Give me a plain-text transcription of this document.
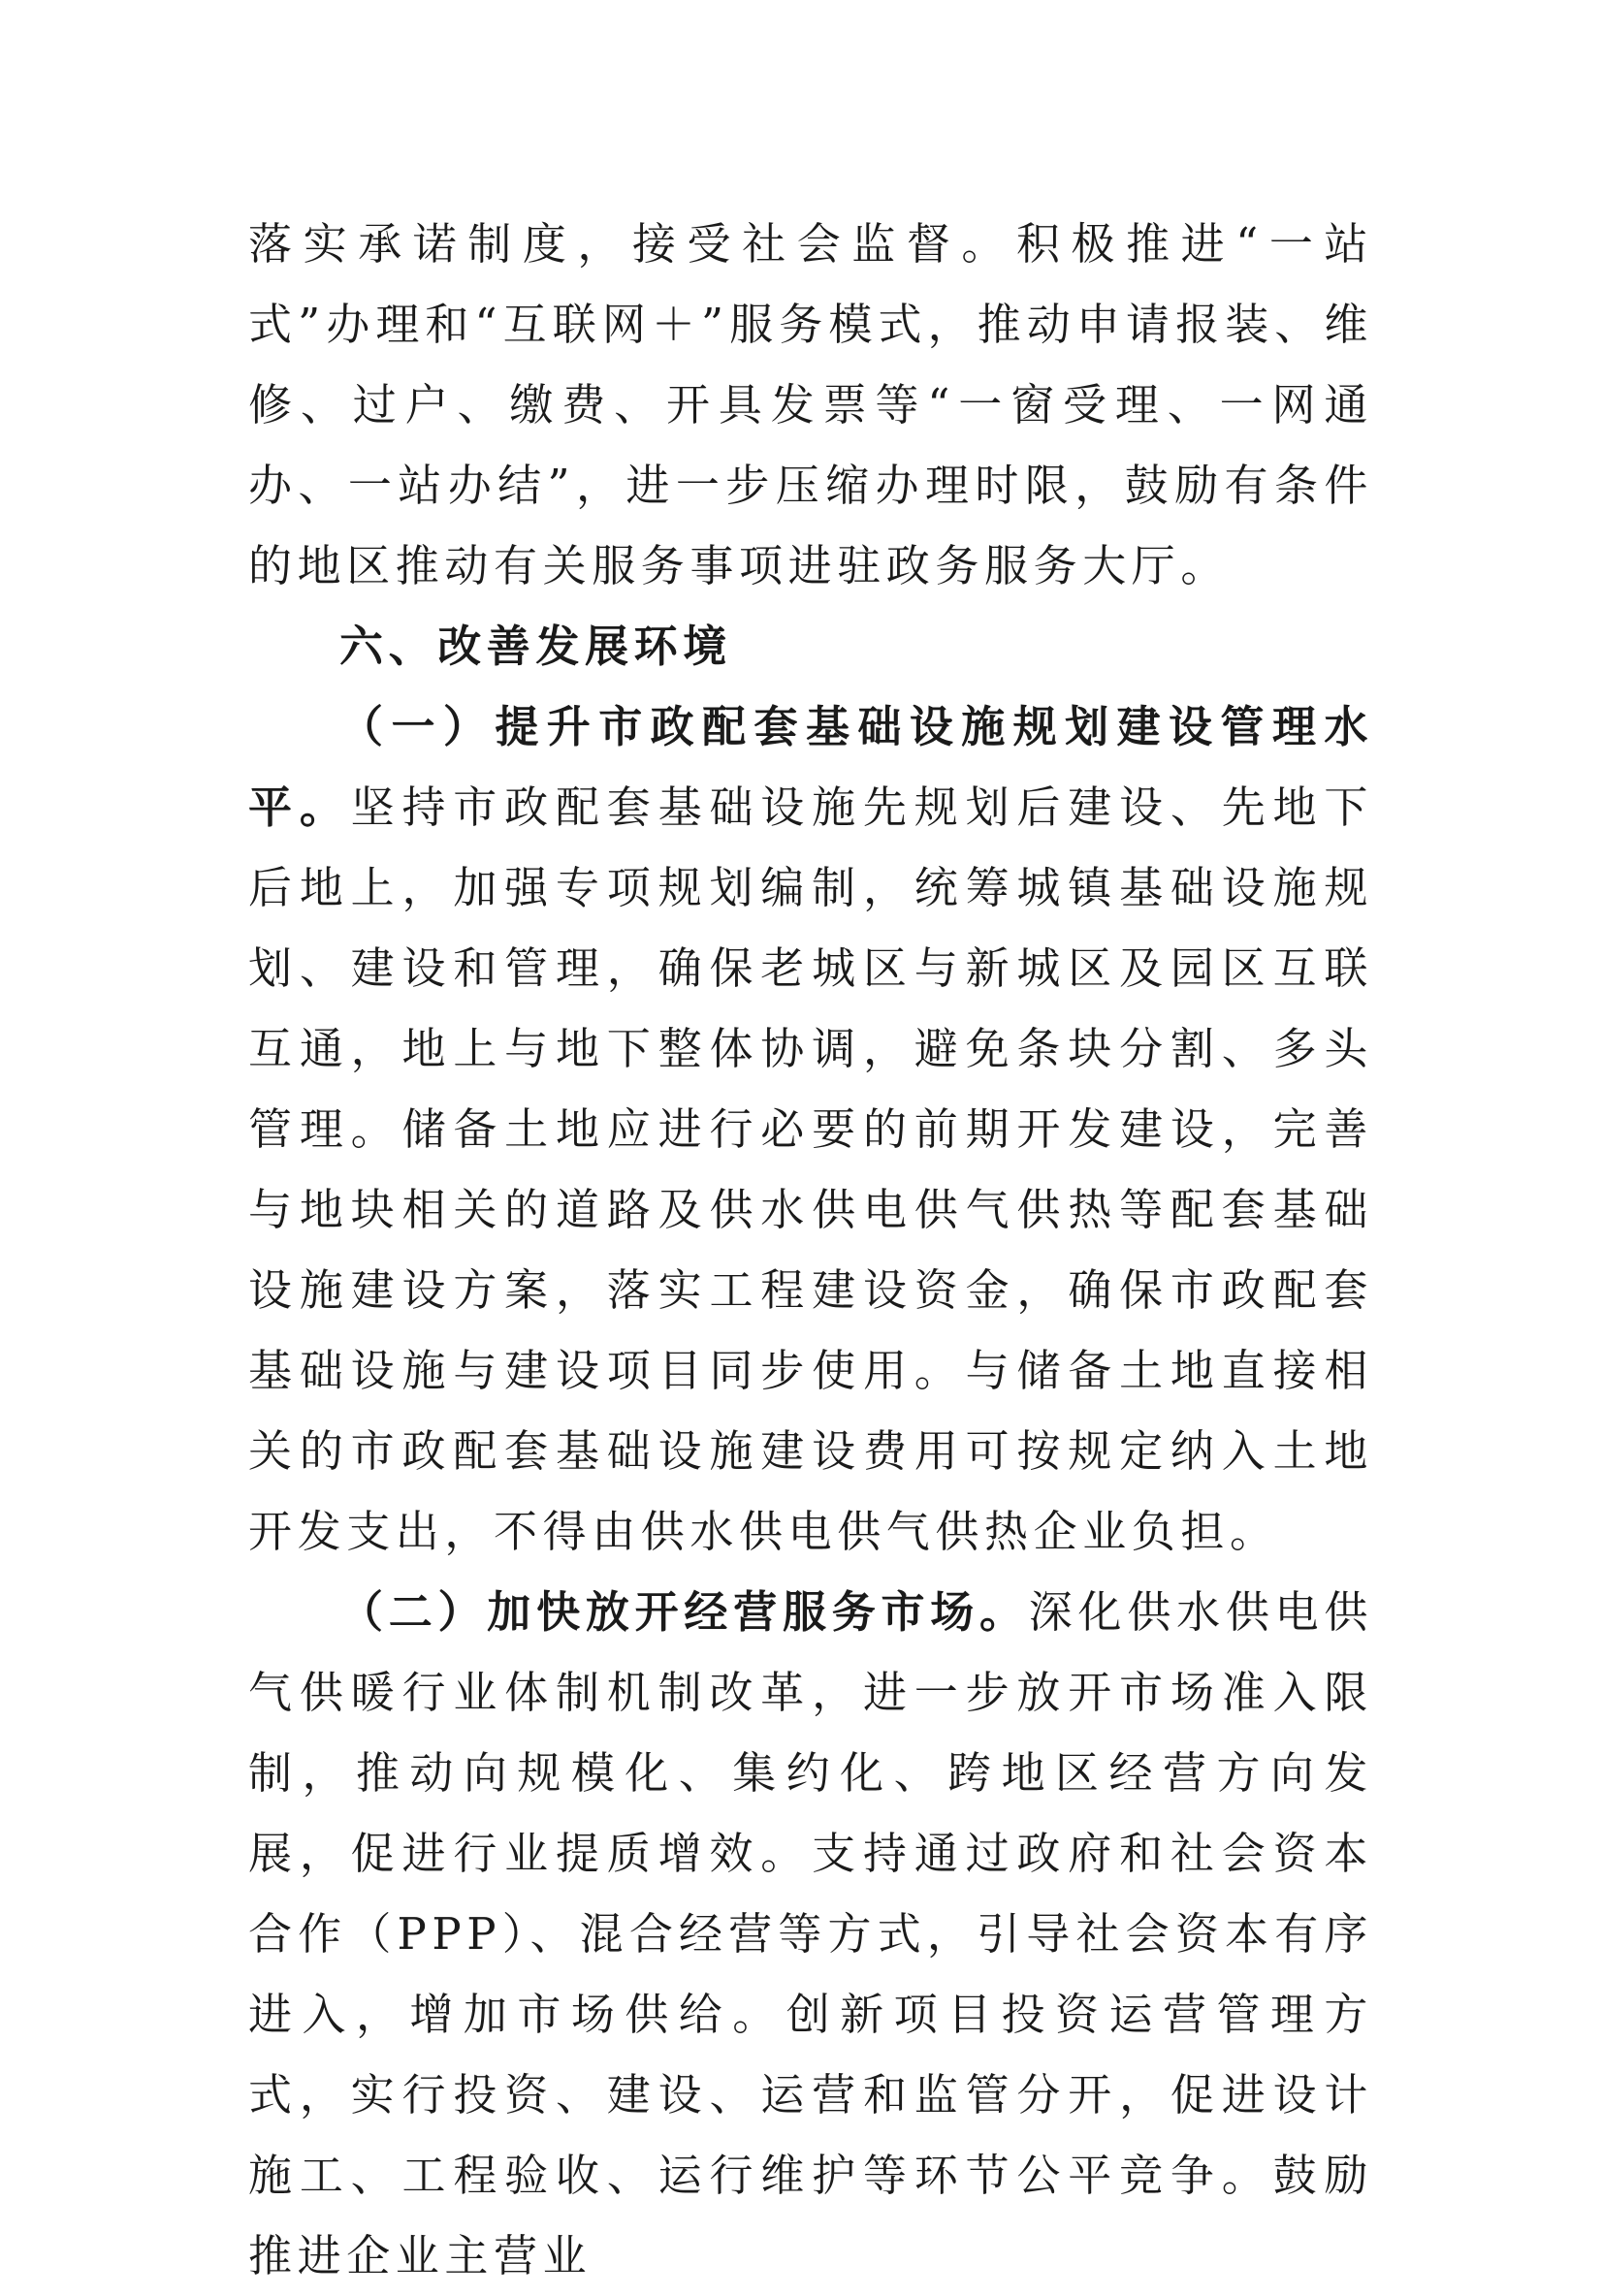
落实承诺制度，接受社会监督。积极推进“一站式”办理和“互联网＋”服务模式，推动申请报装、维修、过户、缴费、开具发票等“一窗受理、一网通办、一站办结”，进一步压缩办理时限，鼓励有条件的地区推动有关服务事项进驻政务服务大厅。

六、改善发展环境

（一）提升市政配套基础设施规划建设管理水平。坚持市政配套基础设施先规划后建设、先地下后地上，加强专项规划编制，统筹城镇基础设施规划、建设和管理，确保老城区与新城区及园区互联互通，地上与地下整体协调，避免条块分割、多头管理。储备土地应进行必要的前期开发建设，完善与地块相关的道路及供水供电供气供热等配套基础设施建设方案，落实工程建设资金，确保市政配套基础设施与建设项目同步使用。与储备土地直接相关的市政配套基础设施建设费用可按规定纳入土地开发支出，不得由供水供电供气供热企业负担。

（二）加快放开经营服务市场。深化供水供电供气供暖行业体制机制改革，进一步放开市场准入限制，推动向规模化、集约化、跨地区经营方向发展，促进行业提质增效。支持通过政府和社会资本合作（PPP）、混合经营等方式，引导社会资本有序进入，增加市场供给。创新项目投资运营管理方式，实行投资、建设、运营和监管分开，促进设计施工、工程验收、运行维护等环节公平竞争。鼓励推进企业主营业
